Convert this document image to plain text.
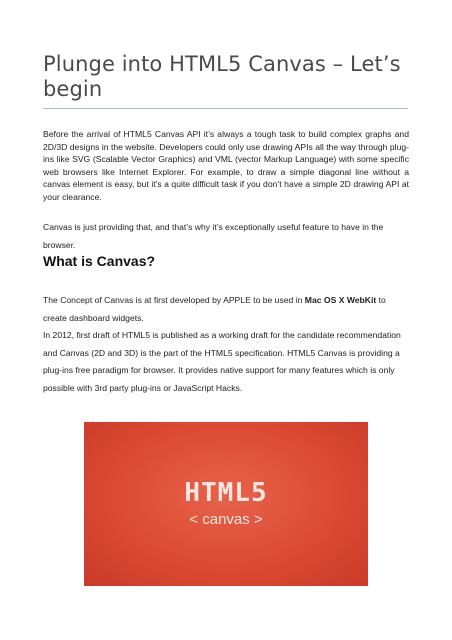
Plunge into HTML5 Canvas – Let’s begin

Before the arrival of HTML5 Canvas API it’s always a tough task to build complex graphs and 2D/3D designs in the website. Developers could only use drawing APIs all the way through plug-ins like SVG (Scalable Vector Graphics) and VML (vector Markup Language) with some specific web browsers like Internet Explorer. For example, to draw a simple diagonal line without a canvas element is easy, but it’s a quite difficult task if you don’t have a simple 2D drawing API at your clearance.

Canvas is just providing that, and that’s why it’s exceptionally useful feature to have in the browser.

What is Canvas?
The Concept of Canvas is at first developed by APPLE to be used in Mac OS X WebKit to create dashboard widgets.
In 2012, first draft of HTML5 is published as a working draft for the candidate recommendation and Canvas (2D and 3D) is the part of the HTML5 specification. HTML5 Canvas is providing a plug-ins free paradigm for browser. It provides native support for many features which is only possible with 3rd party plug-ins or JavaScript Hacks.
HTML5
< canvas >
